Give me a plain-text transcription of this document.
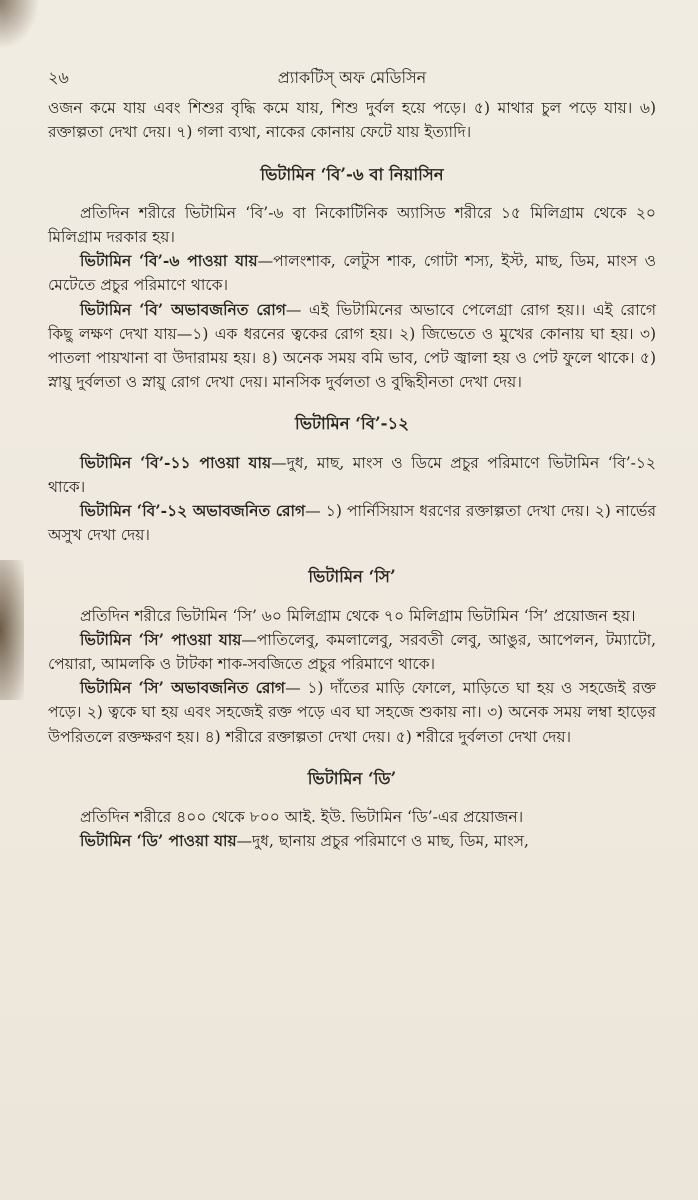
২৬	প্র্যাকটিস্ অফ মেডিসিন

ওজন কমে যায় এবং শিশুর বৃদ্ধি কমে যায়, শিশু দুর্বল হয়ে পড়ে। ৫) মাথার চুল পড়ে যায়। ৬) রক্তাল্পতা দেখা দেয়। ৭) গলা ব্যথা, নাকের কোনায় ফেটে যায় ইত্যাদি।

ভিটামিন ‘বি’-৬ বা নিয়াসিন

প্রতিদিন শরীরে ভিটামিন ‘বি’-৬ বা নিকোটিনিক অ্যাসিড শরীরে ১৫ মিলিগ্রাম থেকে ২০ মিলিগ্রাম দরকার হয়।

ভিটামিন ‘বি’-৬ পাওয়া যায়—পালংশাক, লেটুস শাক, গোটা শস্য, ইস্ট, মাছ, ডিম, মাংস ও মেটেতে প্রচুর পরিমাণে থাকে।

ভিটামিন ‘বি’ অভাবজনিত রোগ— এই ভিটামিনের অভাবে পেলেগ্রা রোগ হয়।। এই রোগে কিছু লক্ষণ দেখা যায়—১) এক ধরনের ত্বকের রোগ হয়। ২) জিভেতে ও মুখের কোনায় ঘা হয়। ৩) পাতলা পায়খানা বা উদারাময় হয়। ৪) অনেক সময় বমি ভাব, পেট জ্বালা হয় ও পেট ফুলে থাকে। ৫) স্নায়ু দুর্বলতা ও স্নায়ু রোগ দেখা দেয়। মানসিক দুর্বলতা ও বুদ্ধিহীনতা দেখা দেয়।

ভিটামিন ‘বি’-১২

ভিটামিন ‘বি’-১১ পাওয়া যায়—দুধ, মাছ, মাংস ও ডিমে প্রচুর পরিমাণে ভিটামিন ‘বি’-১২ থাকে।

ভিটামিন ‘বি’-১২ অভাবজনিত রোগ— ১) পার্নিসিয়াস ধরণের রক্তাল্পতা দেখা দেয়। ২) নার্ভের অসুখ দেখা দেয়।

ভিটামিন ‘সি’

প্রতিদিন শরীরে ভিটামিন ‘সি’ ৬০ মিলিগ্রাম থেকে ৭০ মিলিগ্রাম ভিটামিন ‘সি’ প্রয়োজন হয়।

ভিটামিন ‘সি’ পাওয়া যায়—পাতিলেবু, কমলালেবু, সরবতী লেবু, আঙুর, আপেলন, টম্যাটো, পেয়ারা, আমলকি ও টাটকা শাক-সবজিতে প্রচুর পরিমাণে থাকে।

ভিটামিন ‘সি’ অভাবজনিত রোগ— ১) দাঁতের মাড়ি ফোলে, মাড়িতে ঘা হয় ও সহজেই রক্ত পড়ে। ২) ত্বকে ঘা হয় এবং সহজেই রক্ত পড়ে এব ঘা সহজে শুকায় না। ৩) অনেক সময় লম্বা হাড়ের উপরিতলে রক্তক্ষরণ হয়। ৪) শরীরে রক্তাল্পতা দেখা দেয়। ৫) শরীরে দুর্বলতা দেখা দেয়।

ভিটামিন ‘ডি’

প্রতিদিন শরীরে ৪০০ থেকে ৮০০ আই. ইউ. ভিটামিন ‘ডি’-এর প্রয়োজন।

ভিটামিন ‘ডি’ পাওয়া যায়—দুধ, ছানায় প্রচুর পরিমাণে ও মাছ, ডিম, মাংস,
